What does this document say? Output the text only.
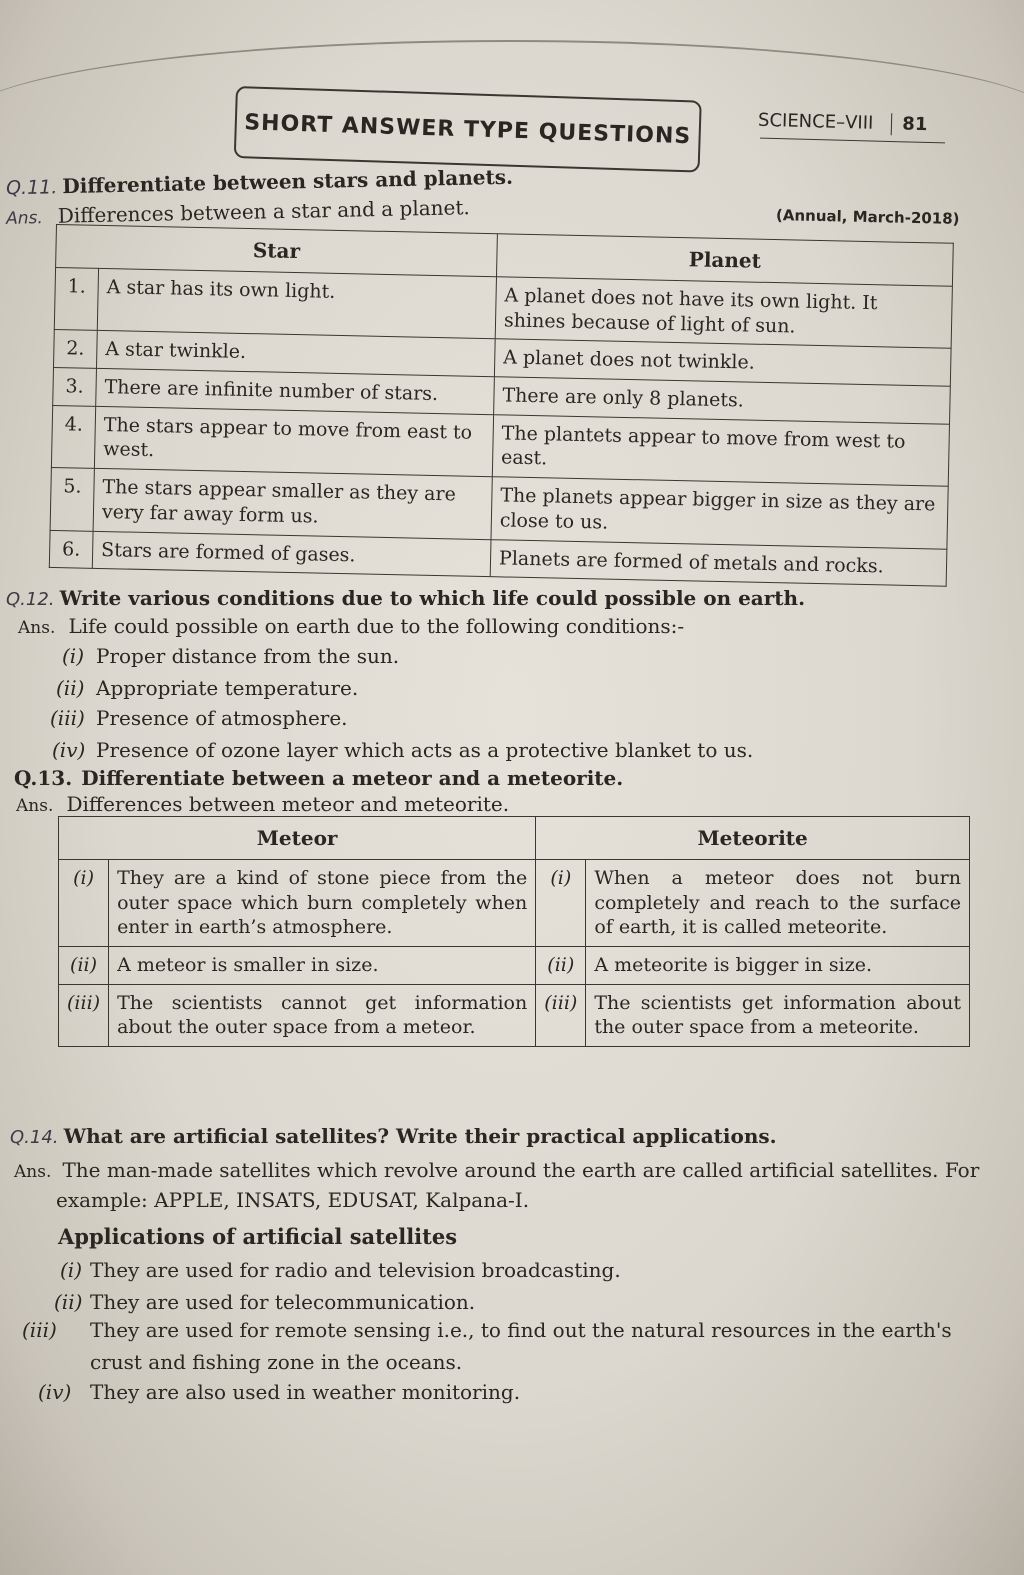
SHORT ANSWER TYPE QUESTIONS	SCIENCE–VIII 81
Q.11. Differentiate between stars and planets.
Ans. Differences between a star and a planet.	(Annual, March-2018)
Star		Planet
1.	A star has its own light.	A planet does not have its own light. It shines because of light of sun.
2.	A star twinkle.	A planet does not twinkle.
3.	There are infinite number of stars.	There are only 8 planets.
4.	The stars appear to move from east to west.	The plantets appear to move from west to east.
5.	The stars appear smaller as they are very far away form us.	The planets appear bigger in size as they are close to us.
6.	Stars are formed of gases.	Planets are formed of metals and rocks.
Q.12. Write various conditions due to which life could possible on earth.
Ans. Life could possible on earth due to the following conditions:-
(i) Proper distance from the sun.
(ii) Appropriate temperature.
(iii) Presence of atmosphere.
(iv) Presence of ozone layer which acts as a protective blanket to us.
Q.13. Differentiate between a meteor and a meteorite.
Ans. Differences between meteor and meteorite.
Meteor		Meteorite	
(i)	They are a kind of stone piece from the outer space which burn completely when enter in earth’s atmosphere.	(i)	When a meteor does not burn completely and reach to the surface of earth, it is called meteorite.
(ii)	A meteor is smaller in size.	(ii)	A meteorite is bigger in size.
(iii)	The scientists cannot get information about the outer space from a meteor.	(iii)	The scientists get information about the outer space from a meteorite.
Q.14. What are artificial satellites? Write their practical applications.
Ans. The man-made satellites which revolve around the earth are called artificial satellites. For
example: APPLE, INSATS, EDUSAT, Kalpana-I.
Applications of artificial satellites
(i) They are used for radio and television broadcasting.
(ii) They are used for telecommunication.
(iii) They are used for remote sensing i.e., to find out the natural resources in the earth's
crust and fishing zone in the oceans.
(iv) They are also used in weather monitoring.
